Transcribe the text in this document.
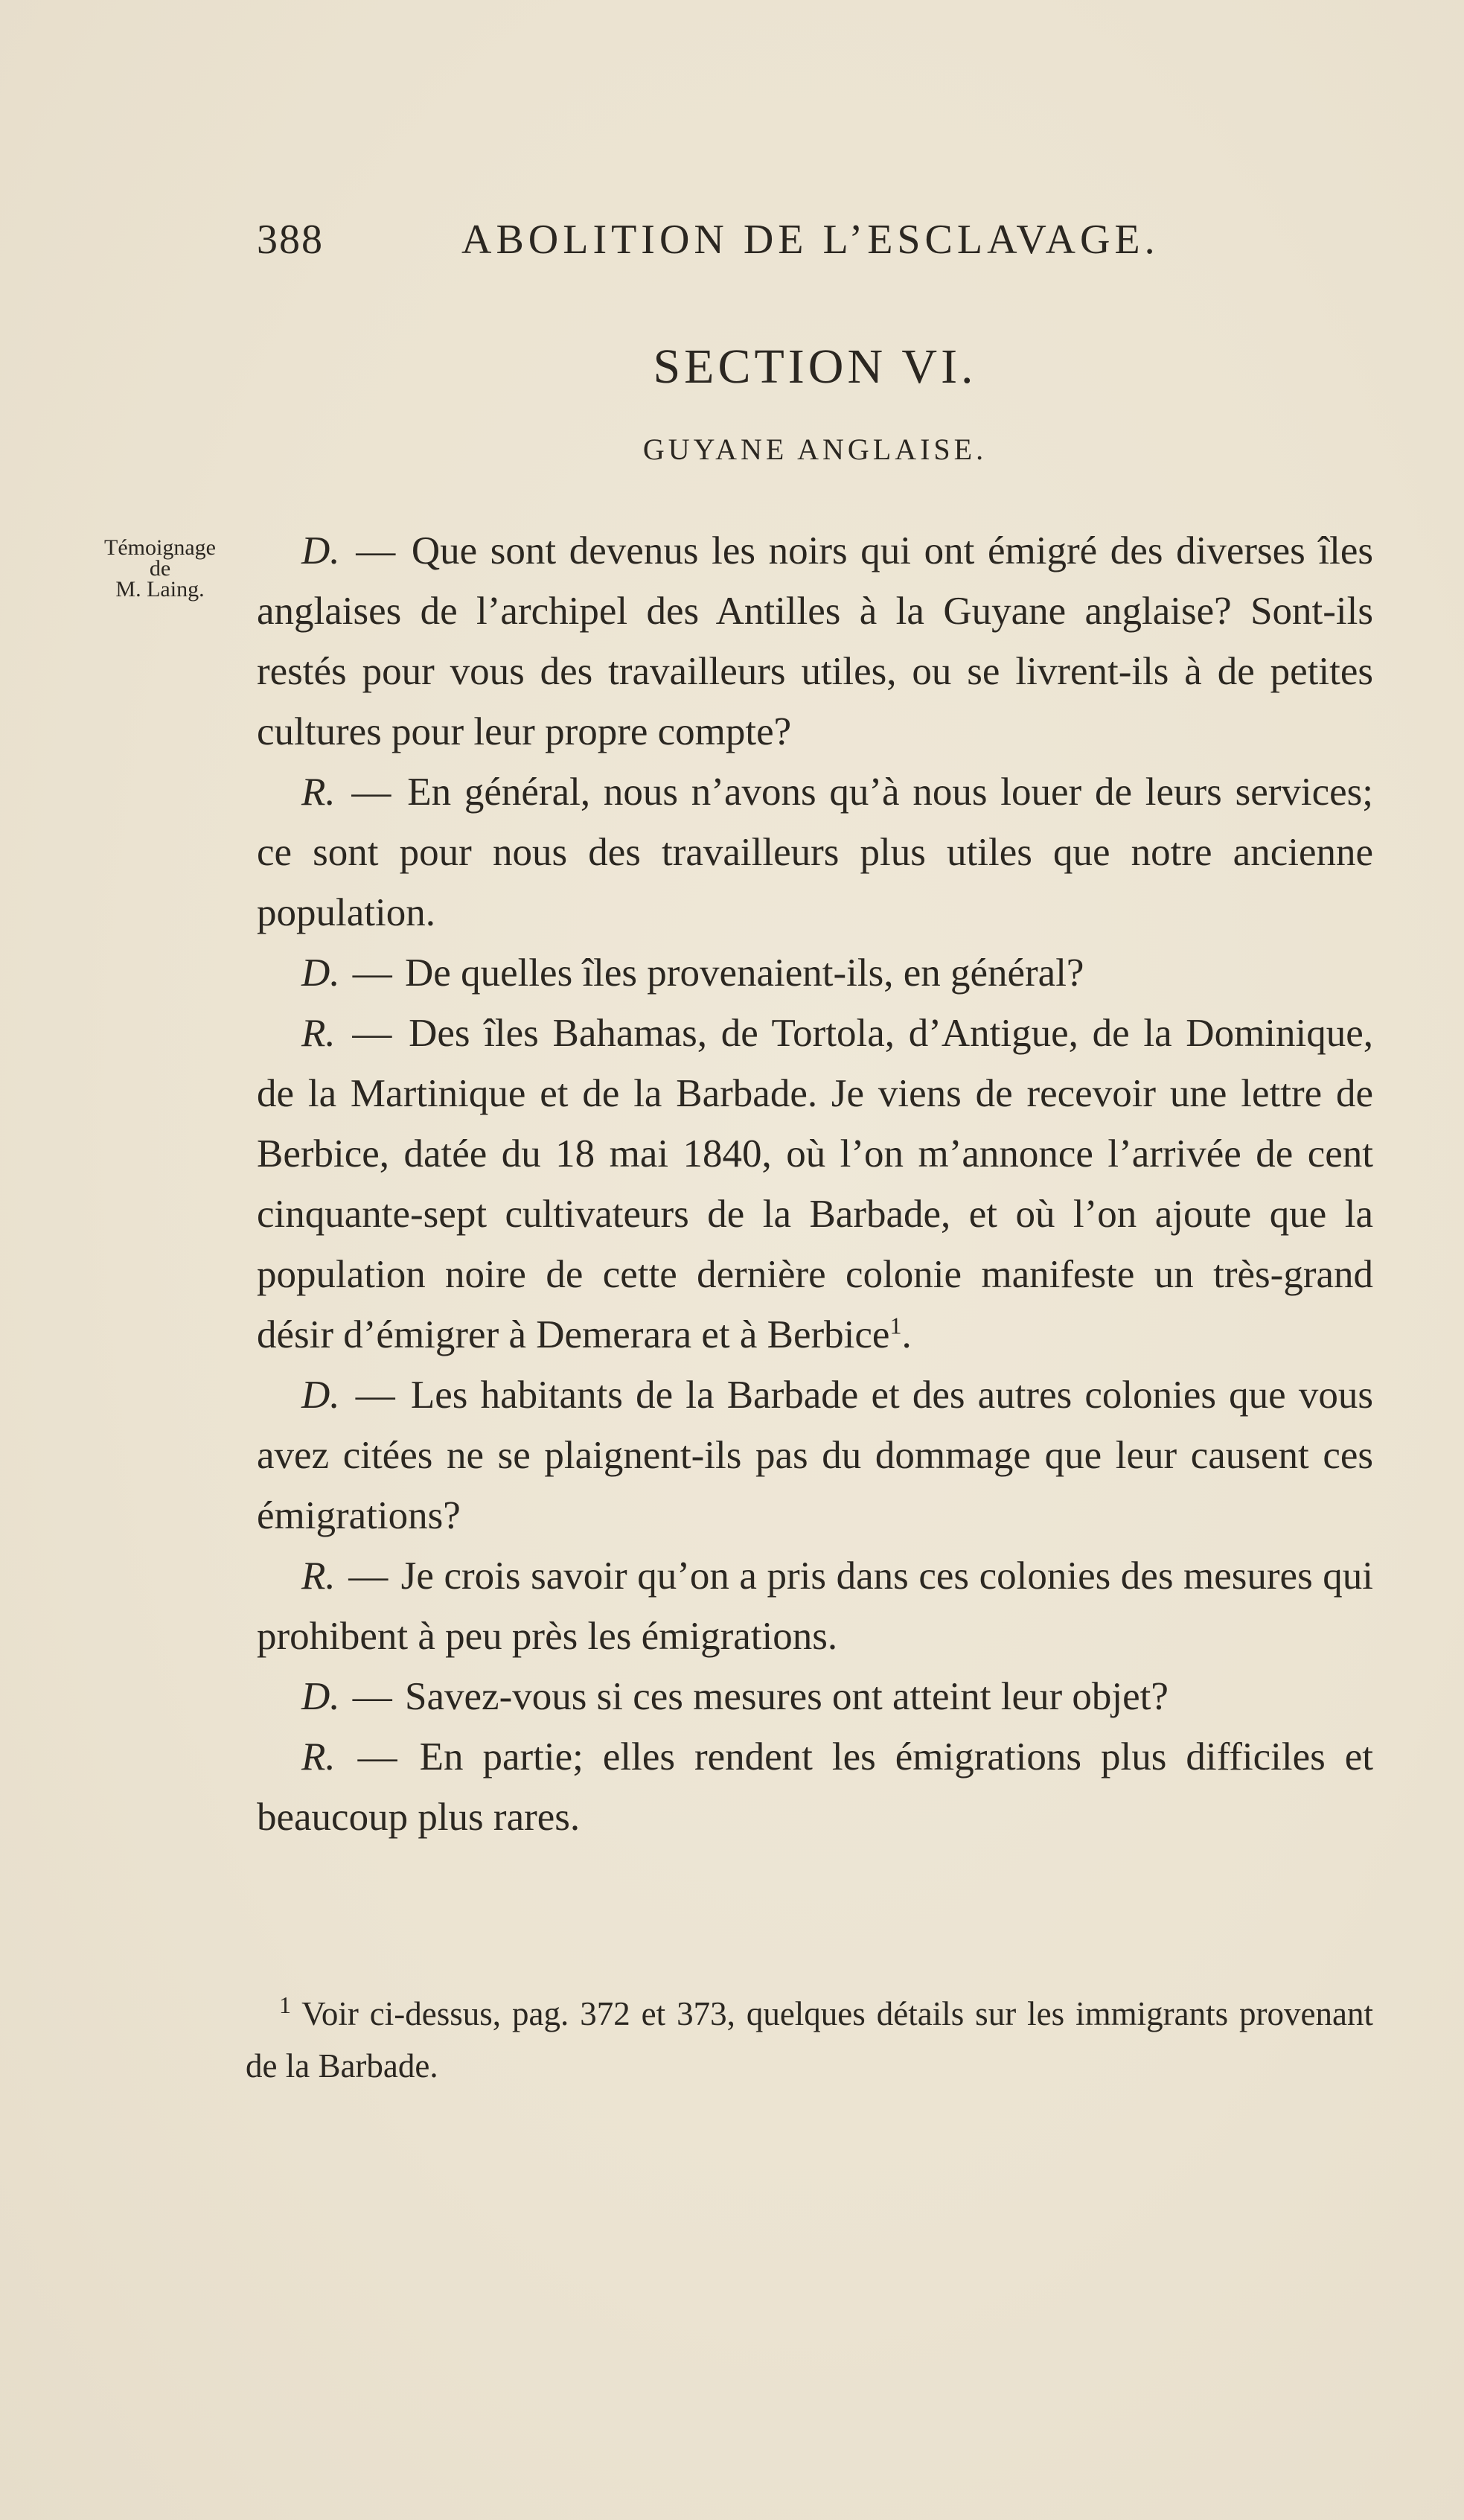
388	ABOLITION DE L’ESCLAVAGE.
SECTION VI.
GUYANE ANGLAISE.
Témoignage
de
M. Laing.

D. — Que sont devenus les noirs qui ont émigré des diverses îles anglaises de l’archipel des Antilles à la Guyane anglaise? Sont-ils restés pour vous des travailleurs utiles, ou se livrent-ils à de petites cultures pour leur propre compte?

R. — En général, nous n’avons qu’à nous louer de leurs services; ce sont pour nous des travailleurs plus utiles que notre ancienne population.

D. — De quelles îles provenaient-ils, en général?

R. — Des îles Bahamas, de Tortola, d’Antigue, de la Dominique, de la Martinique et de la Barbade. Je viens de recevoir une lettre de Berbice, datée du 18 mai 1840, où l’on m’annonce l’arrivée de cent cinquante-sept cultivateurs de la Barbade, et où l’on ajoute que la population noire de cette dernière colonie manifeste un très-grand désir d’émigrer à Demerara et à Berbice$^1$.

D. — Les habitants de la Barbade et des autres colonies que vous avez citées ne se plaignent-ils pas du dommage que leur causent ces émigrations?

R. — Je crois savoir qu’on a pris dans ces colonies des mesures qui prohibent à peu près les émigrations.

D. — Savez-vous si ces mesures ont atteint leur objet?

R. — En partie; elles rendent les émigrations plus difficiles et beaucoup plus rares.

$^1$ Voir ci-dessus, pag. 372 et 373, quelques détails sur les immigrants provenant de la Barbade.
